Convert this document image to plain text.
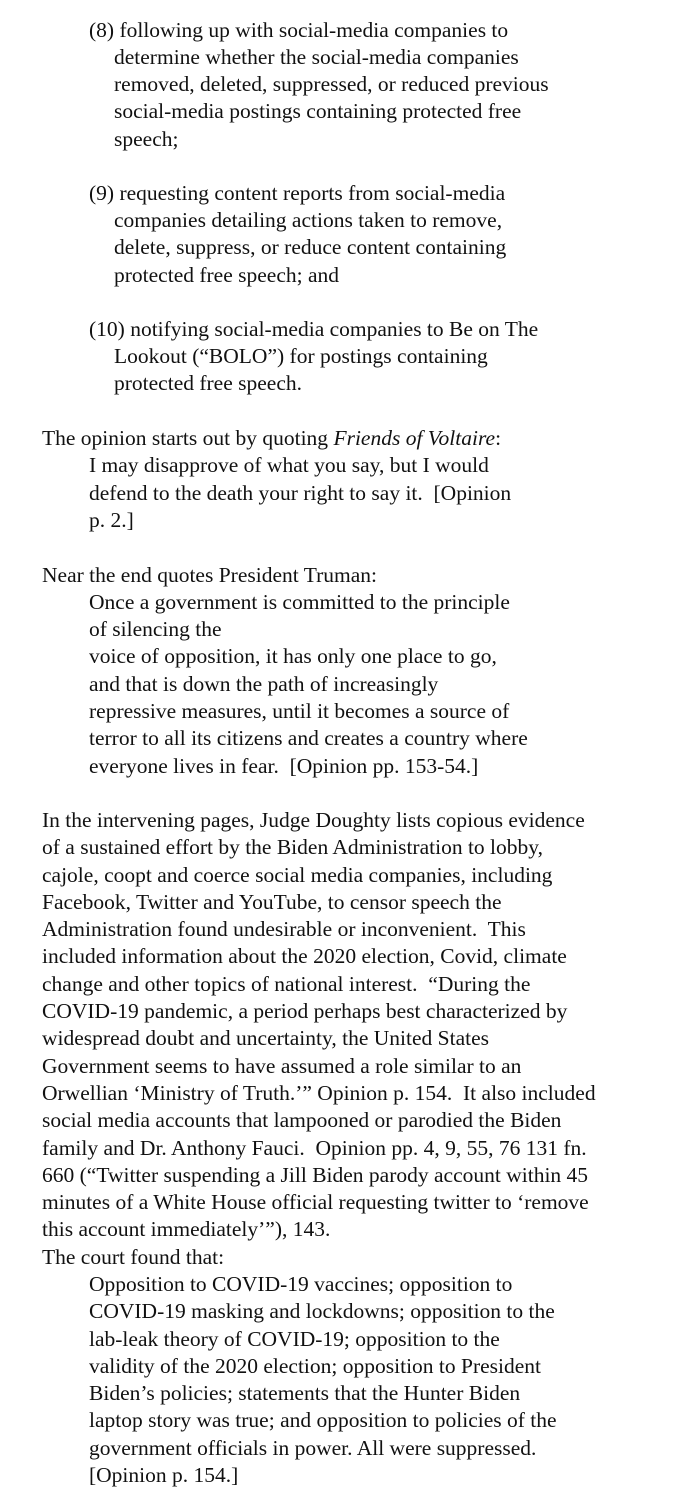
(8) following up with social-media companies to
determine whether the social-media companies
removed, deleted, suppressed, or reduced previous
social-media postings containing protected free
speech;
(9) requesting content reports from social-media
companies detailing actions taken to remove,
delete, suppress, or reduce content containing
protected free speech; and
(10) notifying social-media companies to Be on The
Lookout (“BOLO”) for postings containing
protected free speech.
The opinion starts out by quoting Friends of Voltaire:
I may disapprove of what you say, but I would
defend to the death your right to say it.  [Opinion
p. 2.]
Near the end quotes President Truman:
Once a government is committed to the principle
of silencing the
voice of opposition, it has only one place to go,
and that is down the path of increasingly
repressive measures, until it becomes a source of
terror to all its citizens and creates a country where
everyone lives in fear.  [Opinion pp. 153-54.]
In the intervening pages, Judge Doughty lists copious evidence
of a sustained effort by the Biden Administration to lobby,
cajole, coopt and coerce social media companies, including
Facebook, Twitter and YouTube, to censor speech the
Administration found undesirable or inconvenient.  This
included information about the 2020 election, Covid, climate
change and other topics of national interest.  “During the
COVID-19 pandemic, a period perhaps best characterized by
widespread doubt and uncertainty, the United States
Government seems to have assumed a role similar to an
Orwellian ‘Ministry of Truth.’” Opinion p. 154.  It also included
social media accounts that lampooned or parodied the Biden
family and Dr. Anthony Fauci.  Opinion pp. 4, 9, 55, 76 131 fn.
660 (“Twitter suspending a Jill Biden parody account within 45
minutes of a White House official requesting twitter to ‘remove
this account immediately’”), 143.
The court found that:
Opposition to COVID-19 vaccines; opposition to
COVID-19 masking and lockdowns; opposition to the
lab-leak theory of COVID-19; opposition to the
validity of the 2020 election; opposition to President
Biden’s policies; statements that the Hunter Biden
laptop story was true; and opposition to policies of the
government officials in power. All were suppressed.
[Opinion p. 154.]
